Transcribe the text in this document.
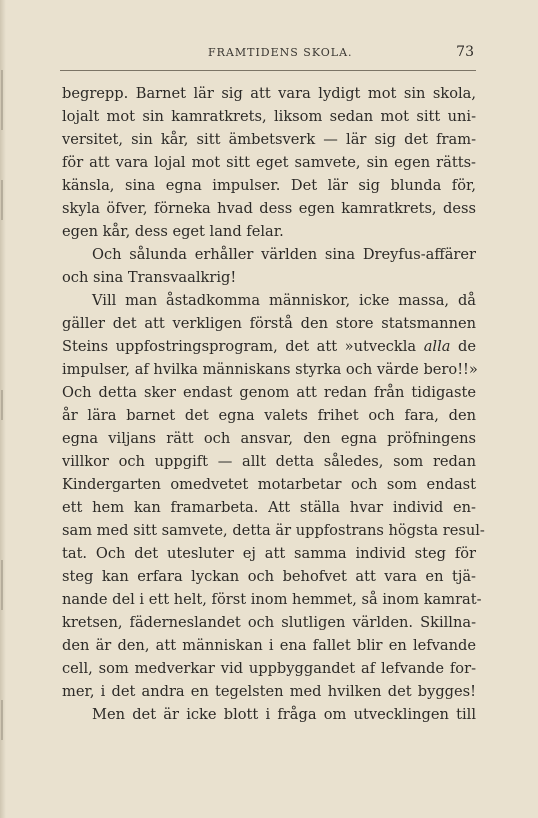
FRAMTIDENS SKOLA.	73
begrepp. Barnet lär sig att vara lydigt mot sin skola,
lojalt mot sin kamratkrets, liksom sedan mot sitt uni-
versitet, sin kår, sitt ämbetsverk — lär sig det fram-
för att vara lojal mot sitt eget samvete, sin egen rätts-
känsla, sina egna impulser. Det lär sig blunda för,
skyla öfver, förneka hvad dess egen kamratkrets, dess
egen kår, dess eget land felar.
Och sålunda erhåller världen sina Dreyfus-affärer
och sina Transvaalkrig!
Vill man åstadkomma människor, icke massa, då
gäller det att verkligen förstå den store statsmannen
Steins uppfostringsprogram, det att »utveckla alla de
impulser, af hvilka människans styrka och värde bero!!»
Och detta sker endast genom att redan från tidigaste
år lära barnet det egna valets frihet och fara, den
egna viljans rätt och ansvar, den egna pröfningens
villkor och uppgift — allt detta således, som redan
Kindergarten omedvetet motarbetar och som endast
ett hem kan framarbeta. Att ställa hvar individ en-
sam med sitt samvete, detta är uppfostrans högsta resul-
tat. Och det utesluter ej att samma individ steg för
steg kan erfara lyckan och behofvet att vara en tjä-
nande del i ett helt, först inom hemmet, så inom kamrat-
kretsen, fäderneslandet och slutligen världen. Skillna-
den är den, att människan i ena fallet blir en lefvande
cell, som medverkar vid uppbyggandet af lefvande for-
mer, i det andra en tegelsten med hvilken det bygges!
Men det är icke blott i fråga om utvecklingen till
